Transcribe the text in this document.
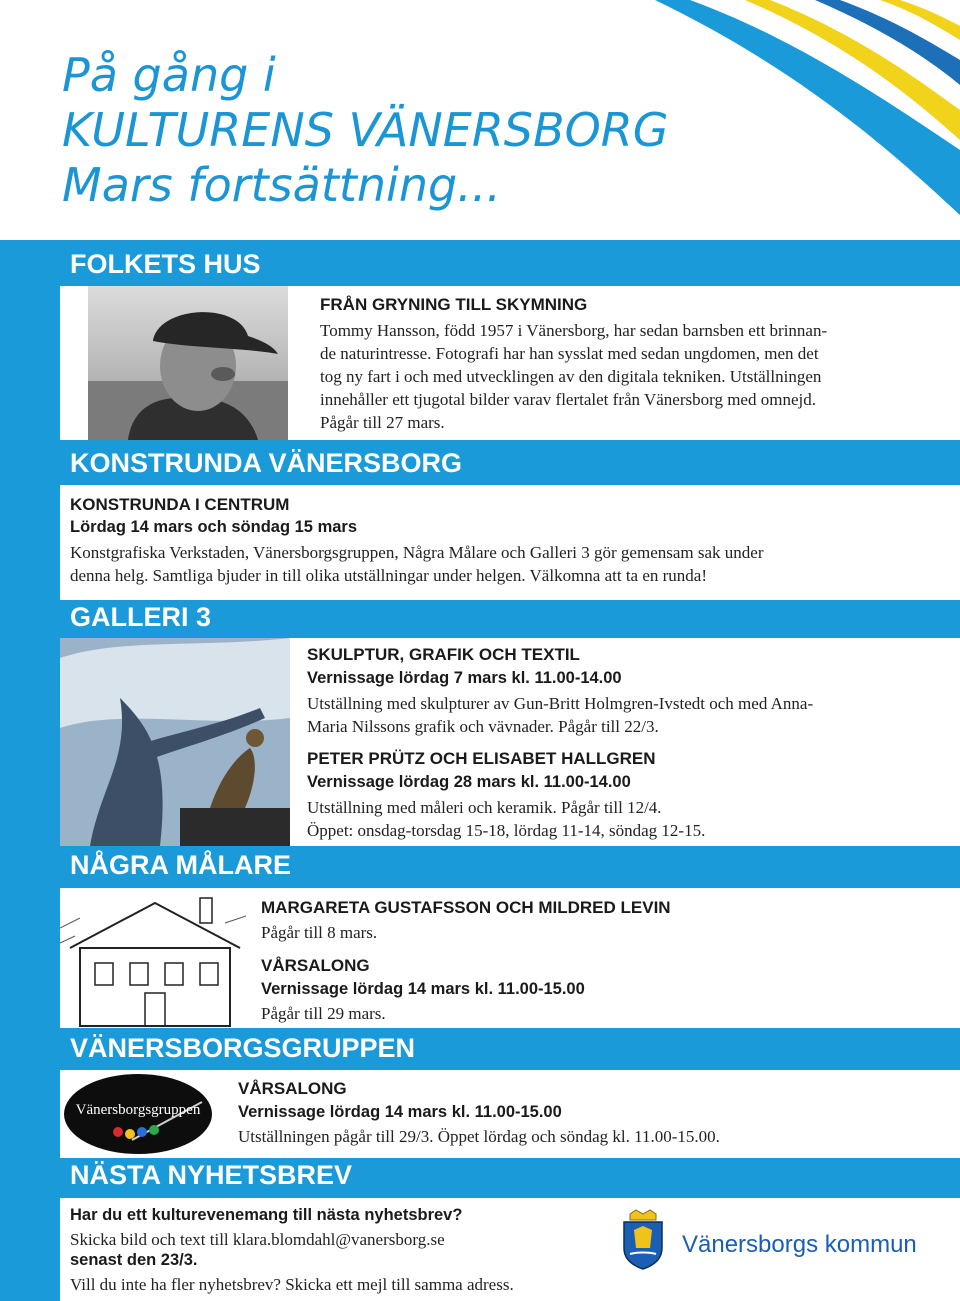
På gång i
KULTURENS VÄNERSBORG
Mars fortsättning...
FOLKETS HUS
FRÅN GRYNING TILL SKYMNING
Tommy Hansson, född 1957 i Vänersborg, har sedan barnsben ett brinnan-
de naturintresse. Fotografi har han sysslat med sedan ungdomen, men det
tog ny fart i och med utvecklingen av den digitala tekniken. Utställningen
innehåller ett tjugotal bilder varav flertalet från Vänersborg med omnejd.
Pågår till 27 mars.
KONSTRUNDA VÄNERSBORG
KONSTRUNDA I CENTRUM
Lördag 14 mars och söndag 15 mars
Konstgrafiska Verkstaden, Vänersborgsgruppen, Några Målare och Galleri 3 gör gemensam sak under
denna helg. Samtliga bjuder in till olika utställningar under helgen. Välkomna att ta en runda!
GALLERI 3
SKULPTUR, GRAFIK OCH TEXTIL
Vernissage lördag 7 mars kl. 11.00-14.00
Utställning med skulpturer av Gun-Britt Holmgren-Ivstedt och med Anna-
Maria Nilssons grafik och vävnader. Pågår till 22/3.
PETER PRÜTZ OCH ELISABET HALLGREN
Vernissage lördag 28 mars kl. 11.00-14.00
Utställning med måleri och keramik. Pågår till 12/4.
Öppet: onsdag-torsdag 15-18, lördag 11-14, söndag 12-15.
NÅGRA MÅLARE
MARGARETA GUSTAFSSON OCH MILDRED LEVIN
Pågår till 8 mars.
VÅRSALONG
Vernissage lördag 14 mars kl. 11.00-15.00
Pågår till 29 mars.
VÄNERSBORGSGRUPPEN
Vänersborgsgruppen
VÅRSALONG
Vernissage lördag 14 mars kl. 11.00-15.00
Utställningen pågår till 29/3. Öppet lördag och söndag kl. 11.00-15.00.
NÄSTA NYHETSBREV
Har du ett kulturevenemang till nästa nyhetsbrev?
Skicka bild och text till klara.blomdahl@vanersborg.se
senast den 23/3.
Vill du inte ha fler nyhetsbrev? Skicka ett mejl till samma adress.
Vänersborgs kommun
